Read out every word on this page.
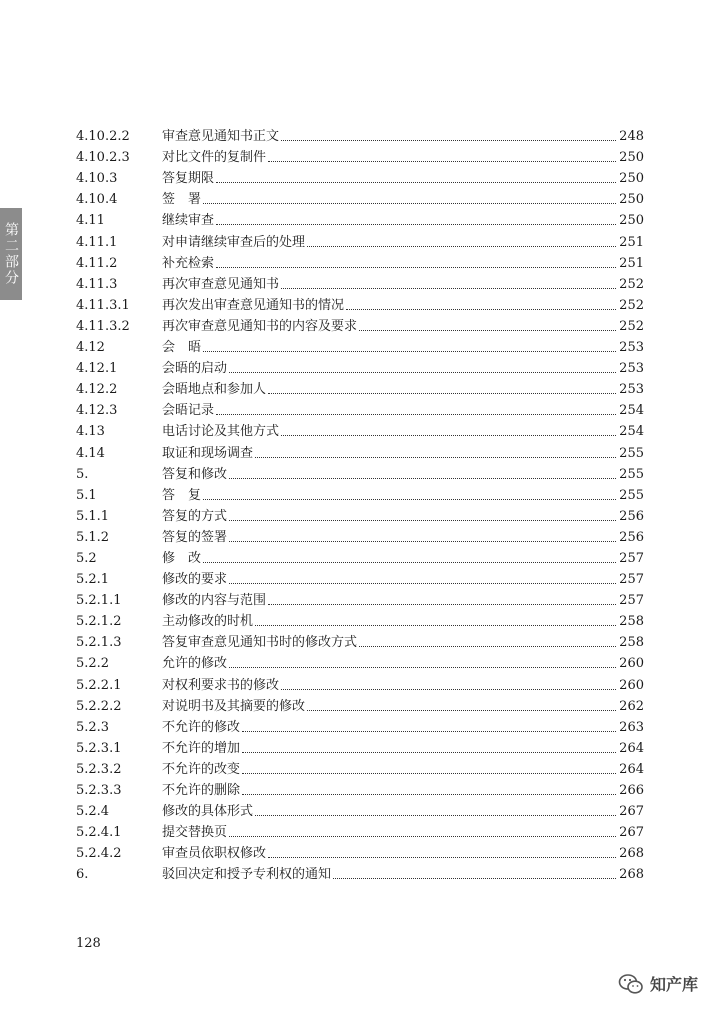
第二部分
4.10.2.2	审查意见通知书正文	248
4.10.2.3	对比文件的复制件	250
4.10.3	答复期限	250
4.10.4	签　署	250
4.11	继续审查	250
4.11.1	对申请继续审查后的处理	251
4.11.2	补充检索	251
4.11.3	再次审查意见通知书	252
4.11.3.1	再次发出审查意见通知书的情况	252
4.11.3.2	再次审查意见通知书的内容及要求	252
4.12	会　晤	253
4.12.1	会晤的启动	253
4.12.2	会晤地点和参加人	253
4.12.3	会晤记录	254
4.13	电话讨论及其他方式	254
4.14	取证和现场调查	255
5.	答复和修改	255
5.1	答　复	255
5.1.1	答复的方式	256
5.1.2	答复的签署	256
5.2	修　改	257
5.2.1	修改的要求	257
5.2.1.1	修改的内容与范围	257
5.2.1.2	主动修改的时机	258
5.2.1.3	答复审查意见通知书时的修改方式	258
5.2.2	允许的修改	260
5.2.2.1	对权利要求书的修改	260
5.2.2.2	对说明书及其摘要的修改	262
5.2.3	不允许的修改	263
5.2.3.1	不允许的增加	264
5.2.3.2	不允许的改变	264
5.2.3.3	不允许的删除	266
5.2.4	修改的具体形式	267
5.2.4.1	提交替换页	267
5.2.4.2	审查员依职权修改	268
6.	驳回决定和授予专利权的通知	268
128
知产库
